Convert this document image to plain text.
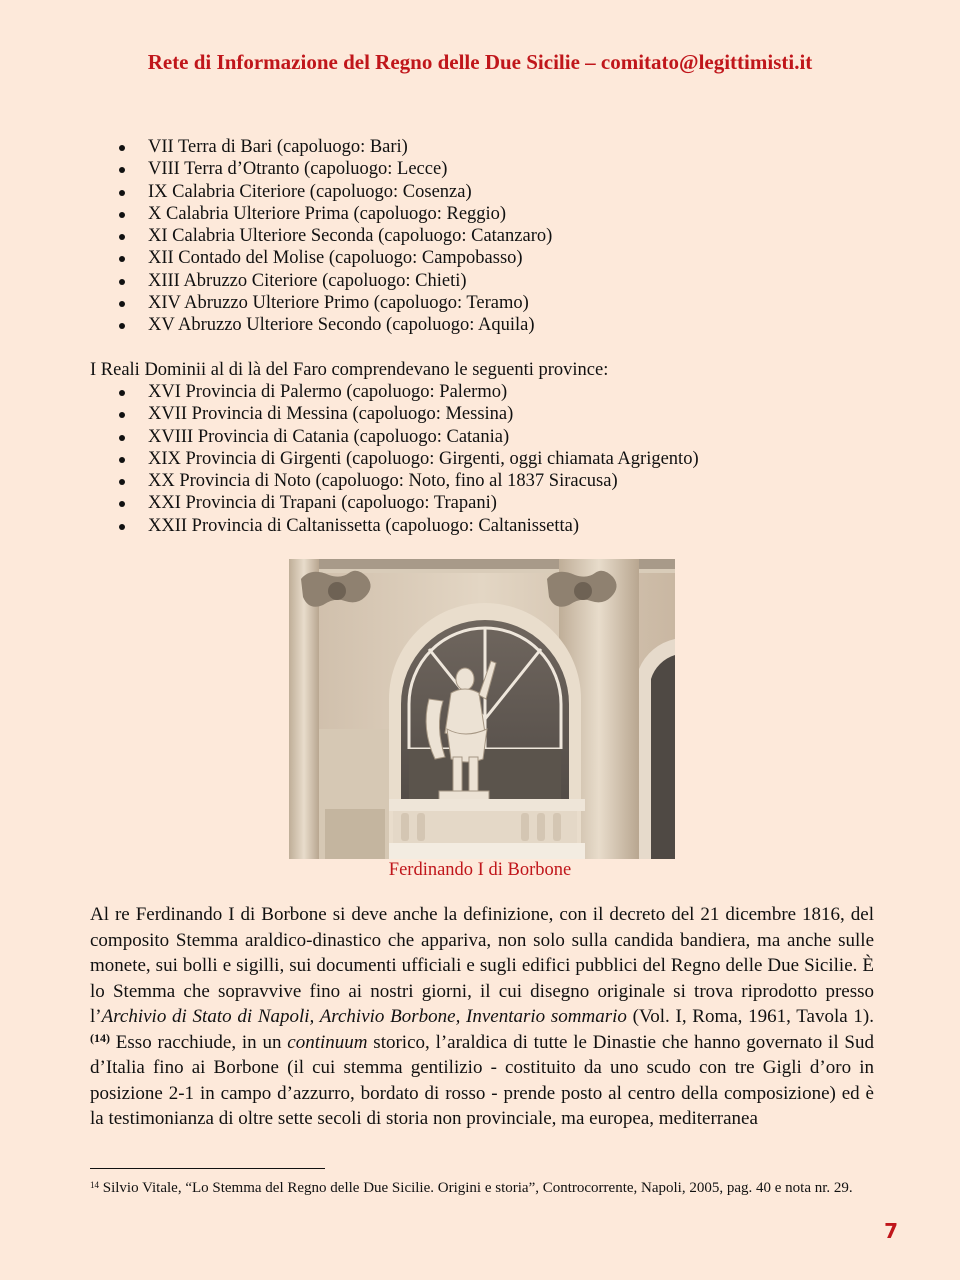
Rete di Informazione del Regno delle Due Sicilie – comitato@legittimisti.it
VII Terra di Bari (capoluogo: Bari)
VIII Terra d’Otranto (capoluogo: Lecce)
IX Calabria Citeriore (capoluogo: Cosenza)
X Calabria Ulteriore Prima (capoluogo: Reggio)
XI Calabria Ulteriore Seconda (capoluogo: Catanzaro)
XII Contado del Molise (capoluogo: Campobasso)
XIII Abruzzo Citeriore (capoluogo: Chieti)
XIV Abruzzo Ulteriore Primo (capoluogo: Teramo)
XV Abruzzo Ulteriore Secondo (capoluogo: Aquila)
I Reali Dominii al di là del Faro comprendevano le seguenti province:
XVI Provincia di Palermo (capoluogo: Palermo)
XVII Provincia di Messina (capoluogo: Messina)
XVIII Provincia di Catania (capoluogo: Catania)
XIX Provincia di Girgenti (capoluogo: Girgenti, oggi chiamata Agrigento)
XX Provincia di Noto (capoluogo: Noto, fino al 1837 Siracusa)
XXI Provincia di Trapani (capoluogo: Trapani)
XXII Provincia di Caltanissetta (capoluogo: Caltanissetta)
Ferdinando I di Borbone
Al re Ferdinando I di Borbone si deve anche la definizione, con il decreto del 21 dicembre 1816, del composito Stemma araldico-dinastico che appariva, non solo sulla candida bandiera, ma anche sulle monete, sui bolli e sigilli, sui documenti ufficiali e sugli edifici pubblici del Regno delle Due Sicilie. È lo Stemma che sopravvive fino ai nostri giorni, il cui disegno originale si trova riprodotto presso l’Archivio di Stato di Napoli, Archivio Borbone, Inventario sommario (Vol. I, Roma, 1961, Tavola 1).$^{(14)}$ Esso racchiude, in un continuum storico, l’araldica di tutte le Dinastie che hanno governato il Sud d’Italia fino ai Borbone (il cui stemma gentilizio - costituito da uno scudo con tre Gigli d’oro in posizione 2-1 in campo d’azzurro, bordato di rosso - prende posto al centro della composizione) ed è la testimonianza di oltre sette secoli di storia non provinciale, ma europea, mediterranea
$^{14}$ Silvio Vitale, “Lo Stemma del Regno delle Due Sicilie. Origini e storia”, Controcorrente, Napoli, 2005, pag. 40 e nota nr. 29.
7
